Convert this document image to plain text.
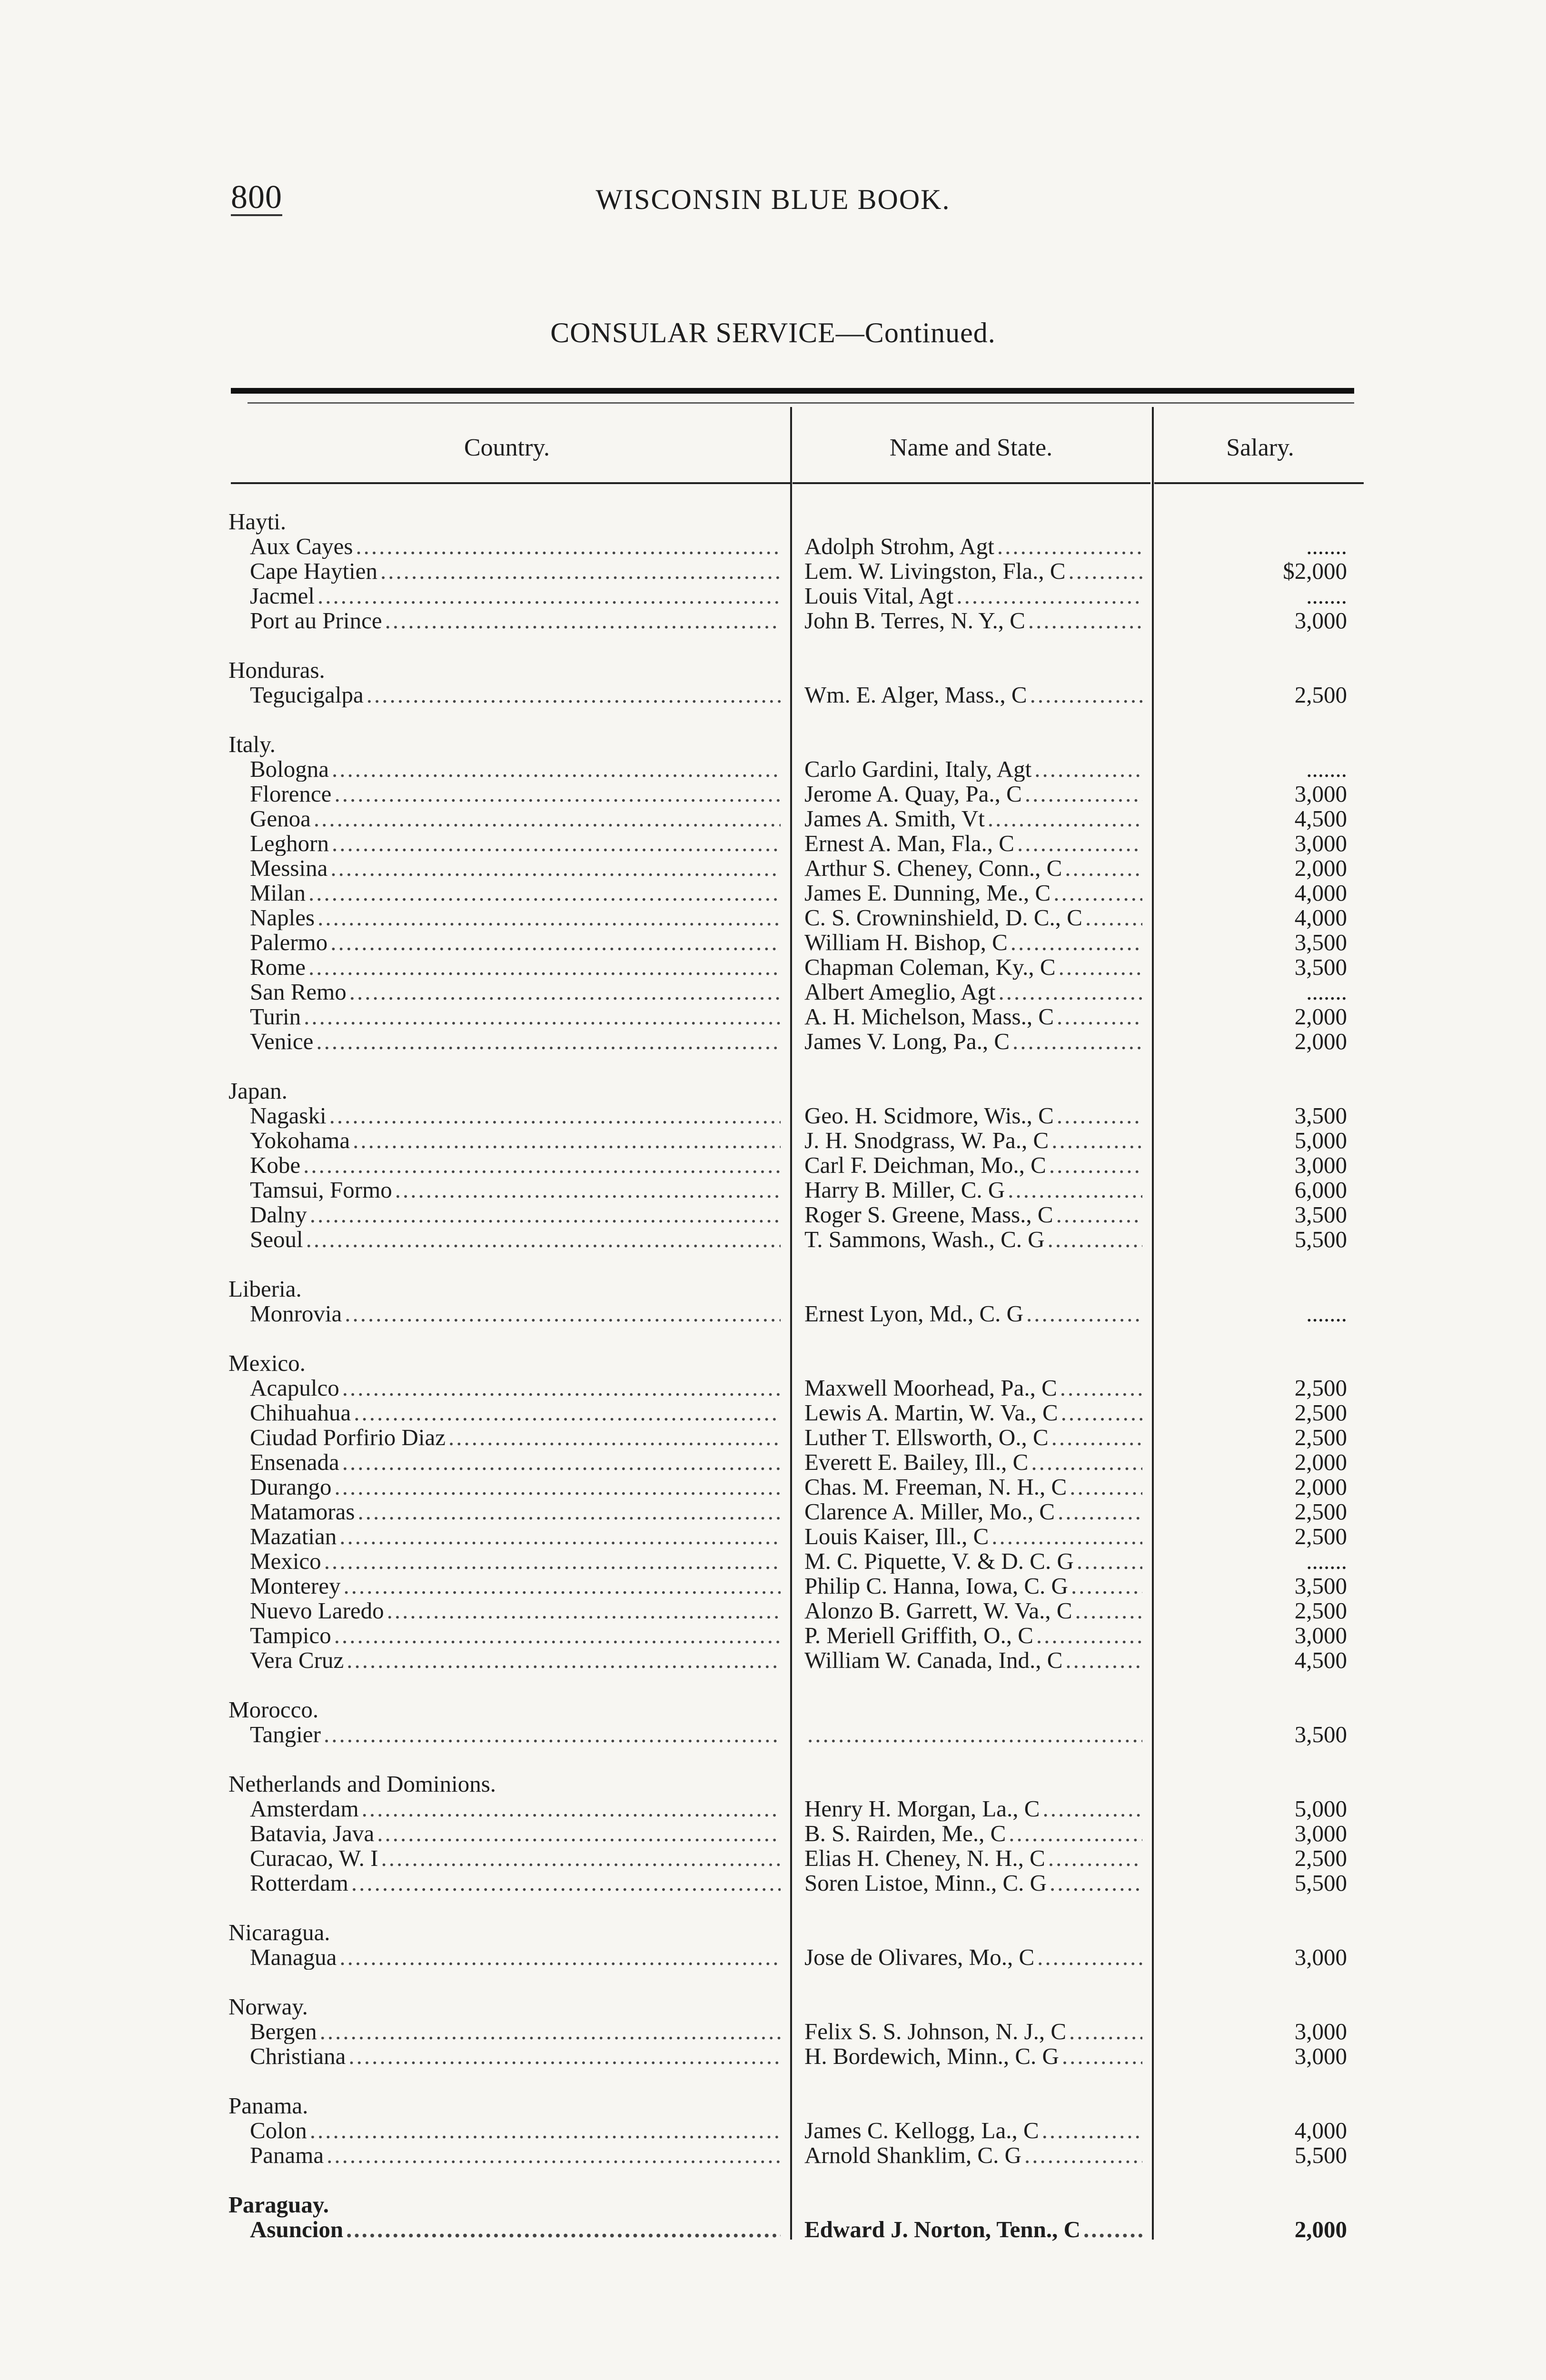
800	WISCONSIN BLUE BOOK.
CONSULAR SERVICE—Continued.
Country.	Name and State.	Salary.
Hayti.
Aux Cayes .....	Adolph Strohm, Agt .....	.......
Cape Haytien .....	Lem. W. Livingston, Fla., C .....	$2,000
Jacmel .....	Louis Vital, Agt .....	.......
Port au Prince .....	John B. Terres, N. Y., C .....	3,000
Honduras.
Tegucigalpa .....	Wm. E. Alger, Mass., C .....	2,500
Italy.
Bologna .....	Carlo Gardini, Italy, Agt .....	.......
Florence .....	Jerome A. Quay, Pa., C .....	3,000
Genoa .....	James A. Smith, Vt .....	4,500
Leghorn .....	Ernest A. Man, Fla., C .....	3,000
Messina .....	Arthur S. Cheney, Conn., C .....	2,000
Milan .....	James E. Dunning, Me., C .....	4,000
Naples .....	C. S. Crowninshield, D. C., C .....	4,000
Palermo .....	William H. Bishop, C .....	3,500
Rome .....	Chapman Coleman, Ky., C .....	3,500
San Remo .....	Albert Ameglio, Agt .....	.......
Turin .....	A. H. Michelson, Mass., C .....	2,000
Venice .....	James V. Long, Pa., C .....	2,000
Japan.
Nagaski .....	Geo. H. Scidmore, Wis., C .....	3,500
Yokohama .....	J. H. Snodgrass, W. Pa., C .....	5,000
Kobe .....	Carl F. Deichman, Mo., C .....	3,000
Tamsui, Formo .....	Harry B. Miller, C. G .....	6,000
Dalny .....	Roger S. Greene, Mass., C .....	3,500
Seoul .....	T. Sammons, Wash., C. G .....	5,500
Liberia.
Monrovia .....	Ernest Lyon, Md., C. G .....	.......
Mexico.
Acapulco .....	Maxwell Moorhead, Pa., C .....	2,500
Chihuahua .....	Lewis A. Martin, W. Va., C .....	2,500
Ciudad Porfirio Diaz .....	Luther T. Ellsworth, O., C .....	2,500
Ensenada .....	Everett E. Bailey, Ill., C .....	2,000
Durango .....	Chas. M. Freeman, N. H., C .....	2,000
Matamoras .....	Clarence A. Miller, Mo., C .....	2,500
Mazatian .....	Louis Kaiser, Ill., C .....	2,500
Mexico .....	M. C. Piquette, V. & D. C. G .....	.......
Monterey .....	Philip C. Hanna, Iowa, C. G .....	3,500
Nuevo Laredo .....	Alonzo B. Garrett, W. Va., C .....	2,500
Tampico .....	P. Meriell Griffith, O., C .....	3,000
Vera Cruz .....	William W. Canada, Ind., C .....	4,500
Morocco.
Tangier ..... .....	3,500
Netherlands and Dominions.
Amsterdam .....	Henry H. Morgan, La., C .....	5,000
Batavia, Java .....	B. S. Rairden, Me., C .....	3,000
Curacao, W. I .....	Elias H. Cheney, N. H., C .....	2,500
Rotterdam .....	Soren Listoe, Minn., C. G .....	5,500
Nicaragua.
Managua .....	Jose de Olivares, Mo., C .....	3,000
Norway.
Bergen .....	Felix S. S. Johnson, N. J., C .....	3,000
Christiana .....	H. Bordewich, Minn., C. G .....	3,000
Panama.
Colon .....	James C. Kellogg, La., C .....	4,000
Panama .....	Arnold Shanklim, C. G .....	5,500
Paraguay.
Asuncion .....	Edward J. Norton, Tenn., C .....	2,000
